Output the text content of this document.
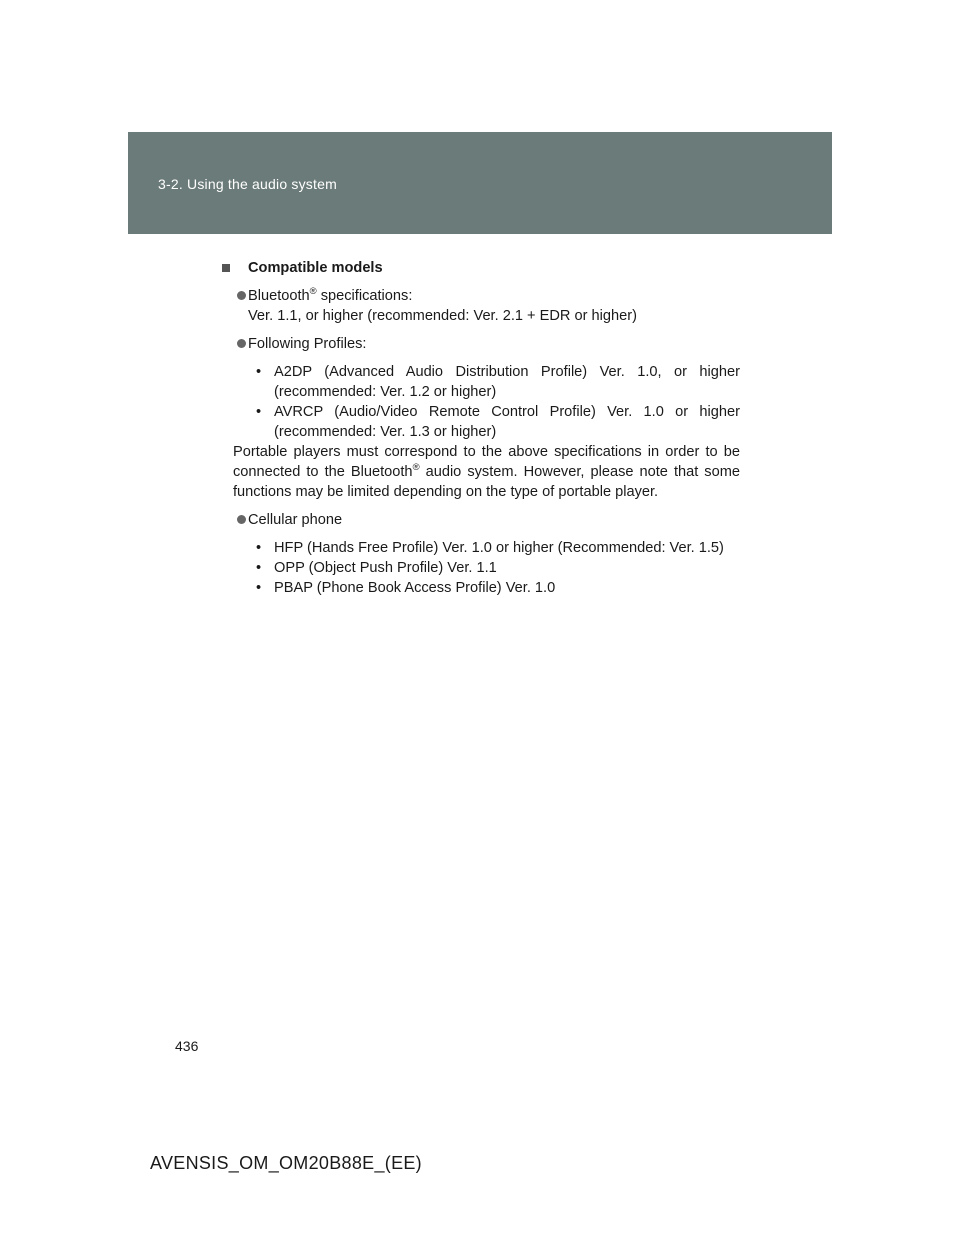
3-2. Using the audio system
Compatible models
Bluetooth® specifications:
Ver. 1.1, or higher (recommended: Ver. 2.1 + EDR or higher)
Following Profiles:
• A2DP (Advanced Audio Distribution Profile) Ver. 1.0, or higher (recommended: Ver. 1.2 or higher)
• AVRCP (Audio/Video Remote Control Profile) Ver. 1.0 or higher (recommended: Ver. 1.3 or higher)
Portable players must correspond to the above specifications in order to be connected to the Bluetooth® audio system. However, please note that some functions may be limited depending on the type of portable player.
Cellular phone
• HFP (Hands Free Profile) Ver. 1.0 or higher (Recommended: Ver. 1.5)
• OPP (Object Push Profile) Ver. 1.1
• PBAP (Phone Book Access Profile) Ver. 1.0
436
AVENSIS_OM_OM20B88E_(EE)
